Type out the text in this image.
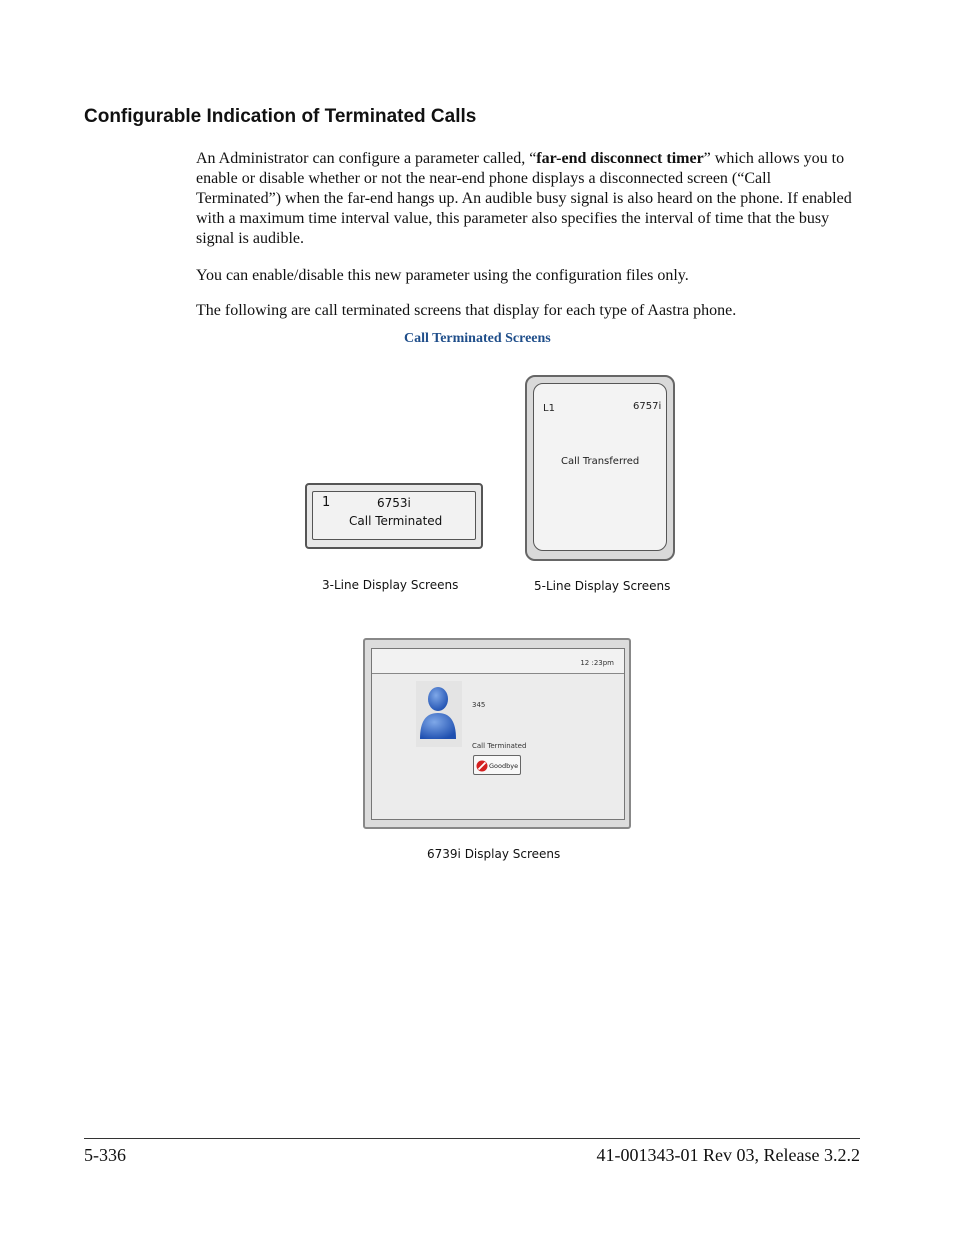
Configurable Indication of Terminated Calls
An Administrator can configure a parameter called, “far-end disconnect timer” which allows you to enable or disable whether or not the near-end phone displays a disconnected screen (“Call Terminated”) when the far-end hangs up. An audible busy signal is also heard on the phone. If enabled with a maximum time interval value, this parameter also specifies the interval of time that the busy signal is audible.
You can enable/disable this new parameter using the configuration files only.
The following are call terminated screens that display for each type of Aastra phone.
Call Terminated Screens
1	6753i
Call Terminated
3-Line Display Screens
L1	6757i
Call Transferred
5-Line Display Screens
12 :23pm
345
Call Terminated
Goodbye
6739i Display Screens
5-336	41-001343-01 Rev 03, Release 3.2.2
